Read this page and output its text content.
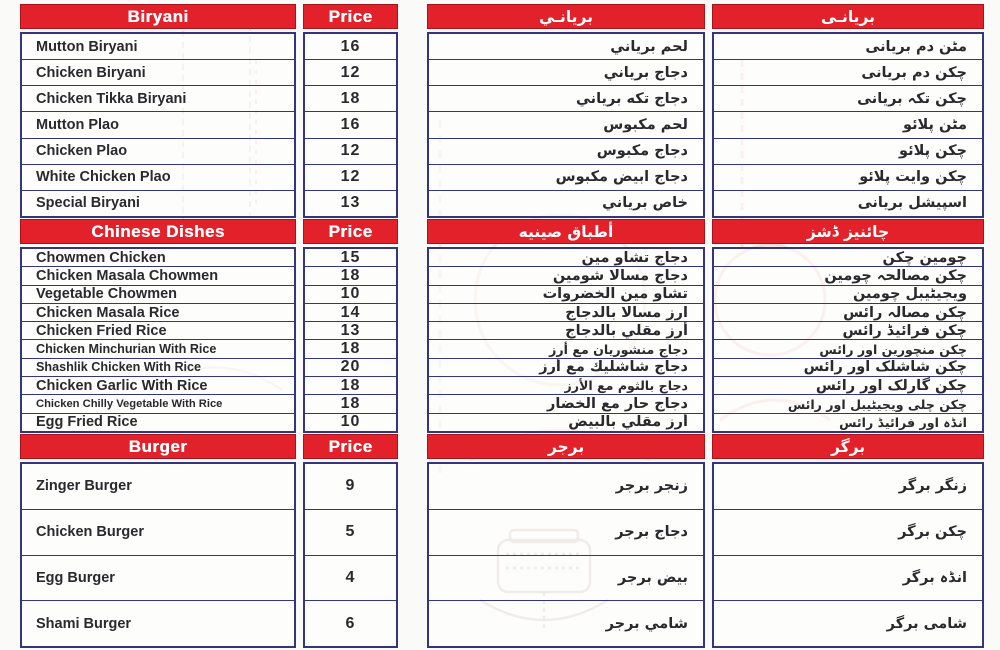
Biryani
Mutton Biryani
Chicken Biryani
Chicken Tikka Biryani
Mutton Plao
Chicken Plao
White Chicken Plao
Special Biryani
Chinese Dishes
Chowmen Chicken
Chicken Masala Chowmen
Vegetable Chowmen
Chicken Masala Rice
Chicken Fried Rice
Chicken Minchurian With Rice
Shashlik Chicken With Rice
Chicken Garlic With Rice
Chicken Chilly Vegetable With Rice
Egg Fried Rice
Burger
Zinger Burger
Chicken Burger
Egg Burger
Shami Burger
Price
16
12
18
16
12
12
13
Price
15
18
10
14
13
18
20
18
18
10
Price
9
5
4
6
بريانـي
لحم برياني
دجاج برياني
دجاج تكه برياني
لحم مكبوس
دجاج مكبوس
دجاج ابيض مكبوس
خاص برياني
أطباق صينيه
دجاج تشاو مين
دجاج مسالا شومين
تشاو مين الخضروات
ارز مسالا بالدجاج
أرز مقلي بالدجاج
دجاج منشوريان مع أرز
دجاج شاشليك مع أرز
دجاج بالثوم مع الأرز
دجاج حار مع الخضار
أرز مقلي بالبيض
برجر
زنجر برجر
دجاج برجر
بيض برجر
شامي برجر
بریانـی
مٹن دم بریانی
چکن دم بریانی
چکن تکہ بریانی
مٹن پلائو
چکن پلائو
چکن وایت پلائو
اسپیشل بریانی
چائنیز ڈشز
چومین چکن
چکن مصالحہ چومین
ویجیٹیبل چومین
چکن مصالہ رائس
چکن فرائیڈ رائس
چکن منچورین اور رائس
چکن شاشلک اور رائس
چکن گارلک اور رائس
چکن چلی ویجیٹیبل اور رائس
انڈہ اور فرائیڈ رائس
برگر
زنگر برگر
چکن برگر
انڈہ برگر
شامی برگر
